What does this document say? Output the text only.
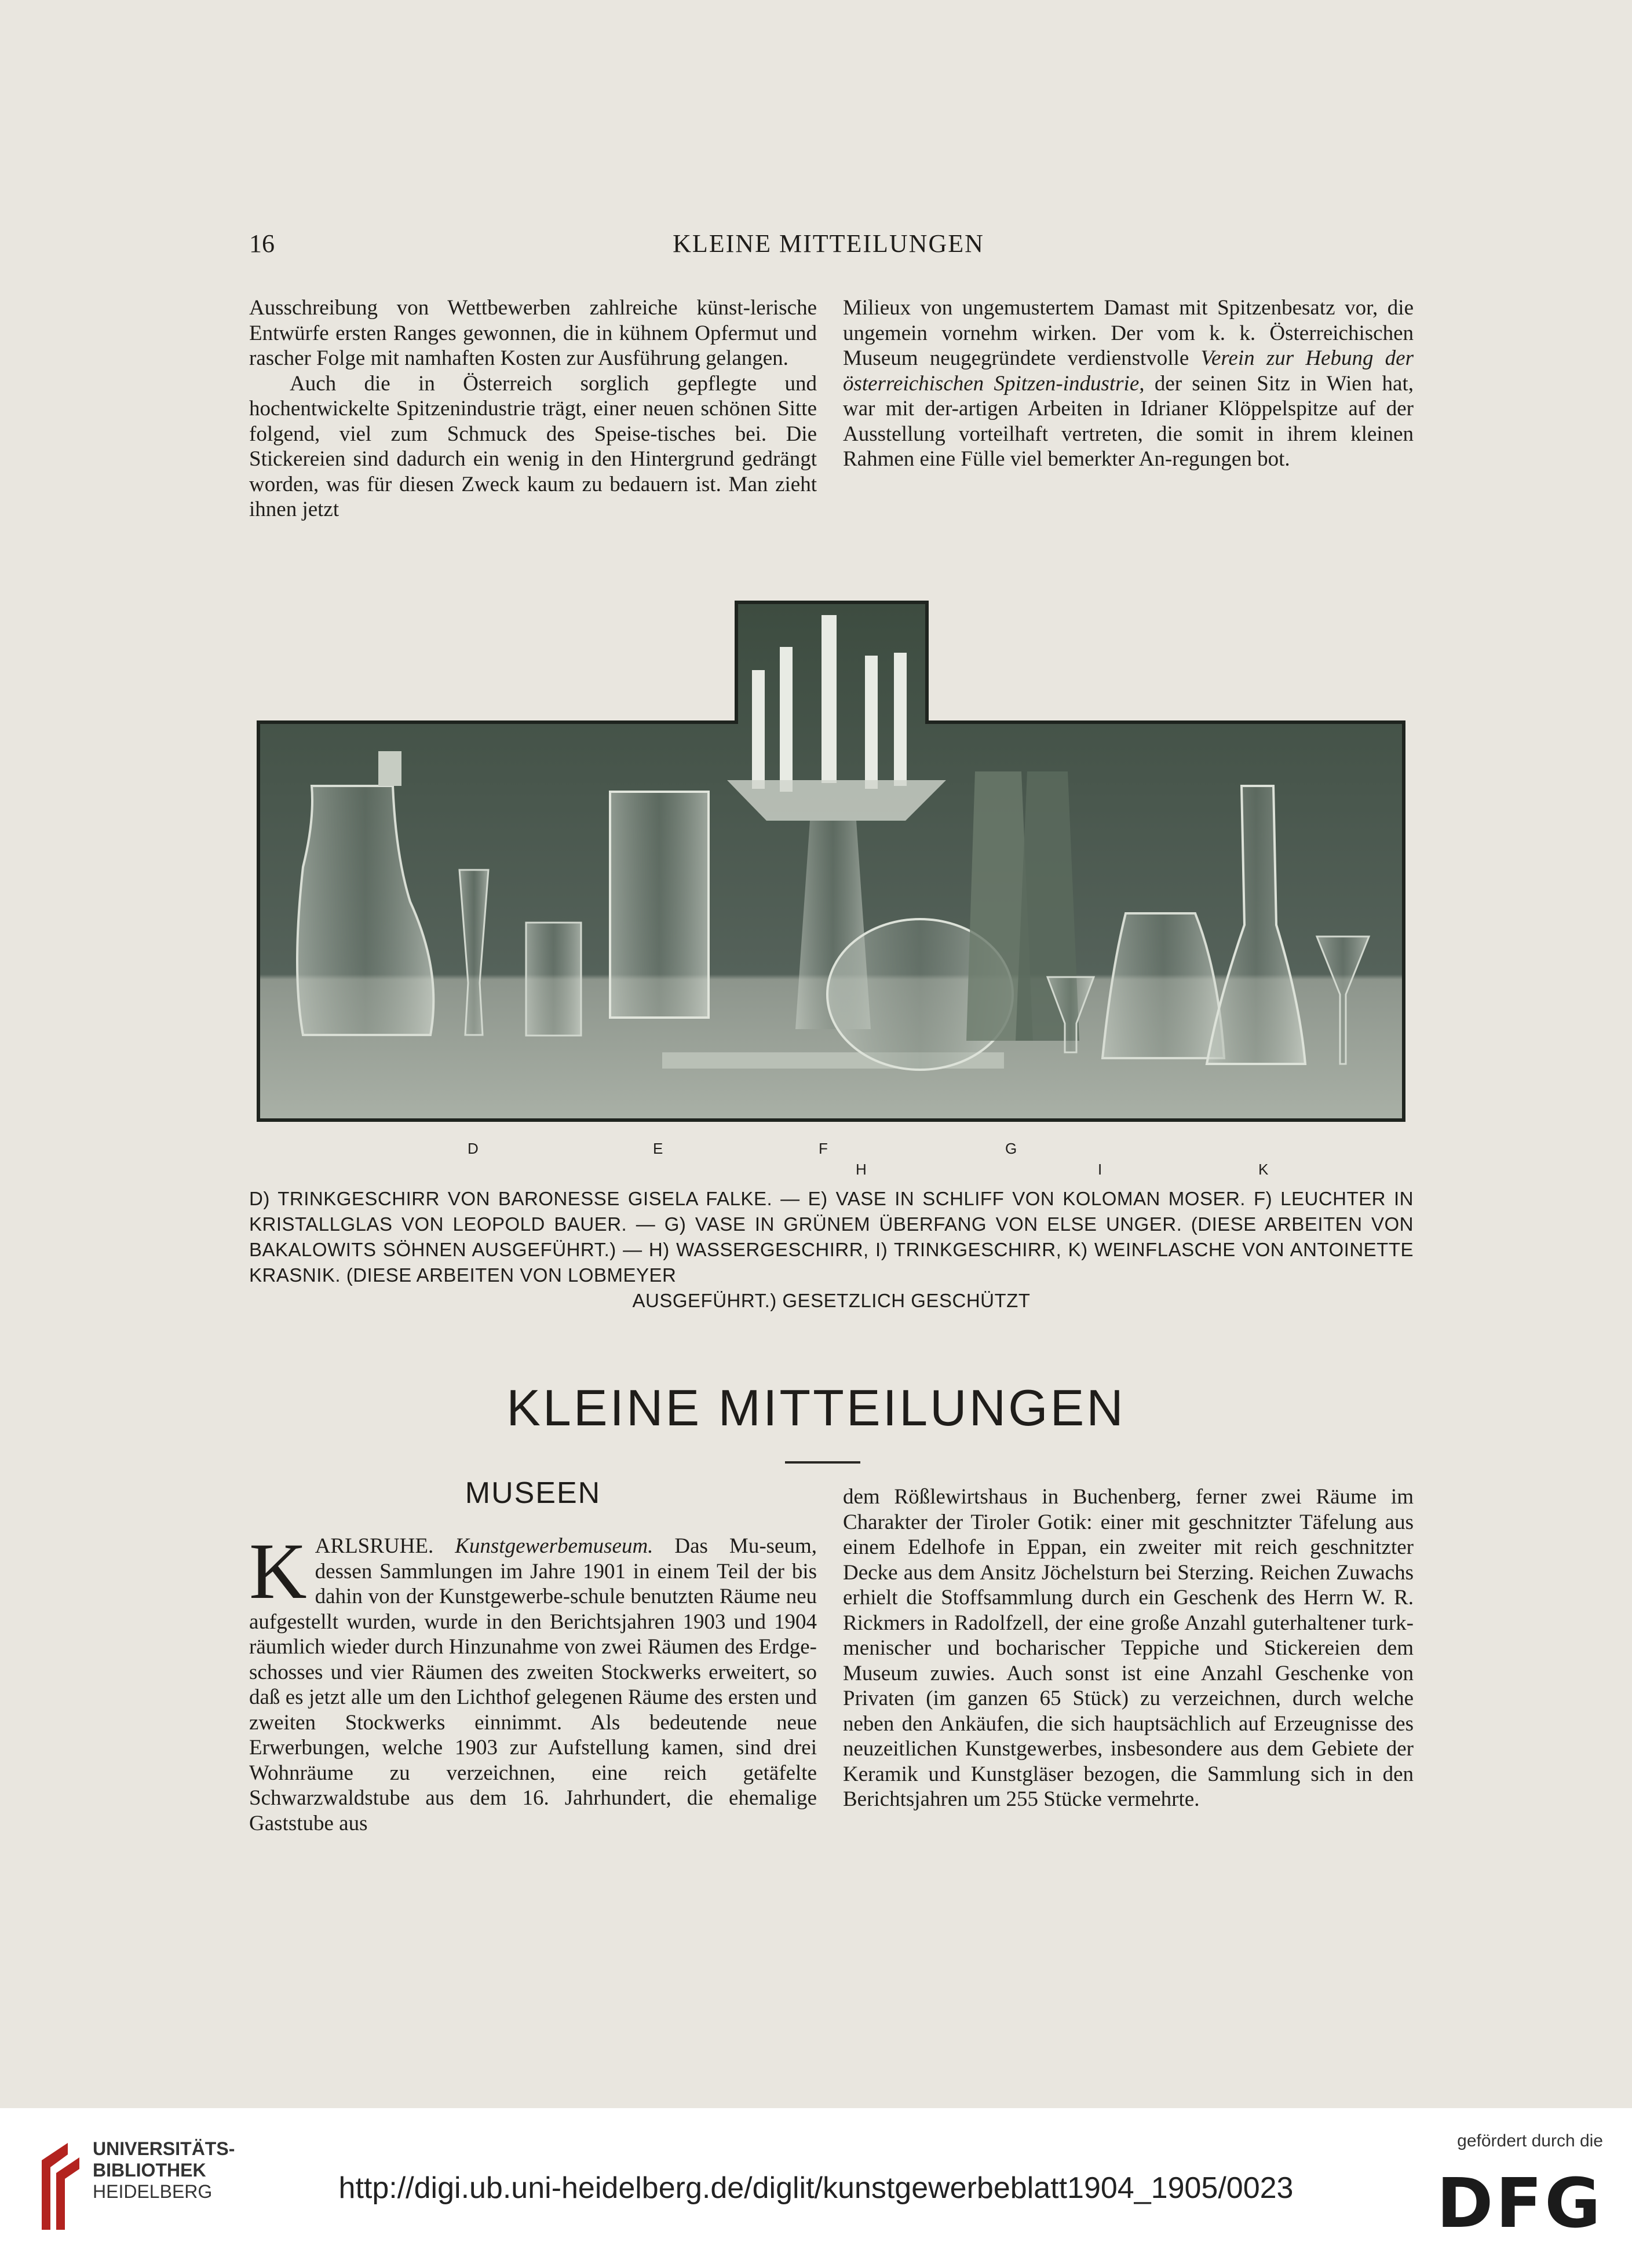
16	KLEINE MITTEILUNGEN

Ausschreibung von Wettbewerben zahlreiche künst-lerische Entwürfe ersten Ranges gewonnen, die in kühnem Opfermut und rascher Folge mit namhaften Kosten zur Ausführung gelangen.

Auch die in Österreich sorglich gepflegte und hochentwickelte Spitzenindustrie trägt, einer neuen schönen Sitte folgend, viel zum Schmuck des Speise-tisches bei. Die Stickereien sind dadurch ein wenig in den Hintergrund gedrängt worden, was für diesen Zweck kaum zu bedauern ist. Man zieht ihnen jetzt

Milieux von ungemustertem Damast mit Spitzenbesatz vor, die ungemein vornehm wirken. Der vom k. k. Österreichischen Museum neugegründete verdienstvolle Verein zur Hebung der österreichischen Spitzen-industrie, der seinen Sitz in Wien hat, war mit der-artigen Arbeiten in Idrianer Klöppelspitze auf der Ausstellung vorteilhaft vertreten, die somit in ihrem kleinen Rahmen eine Fülle viel bemerkter An-regungen bot.

D	E	F	G
H	I	K
D) TRINKGESCHIRR VON BARONESSE GISELA FALKE. — E) VASE IN SCHLIFF VON KOLOMAN MOSER. F) LEUCHTER IN KRISTALLGLAS VON LEOPOLD BAUER. — G) VASE IN GRÜNEM ÜBERFANG VON ELSE UNGER. (DIESE ARBEITEN VON BAKALOWITS SÖHNEN AUSGEFÜHRT.) — H) WASSERGESCHIRR, I) TRINKGESCHIRR, K) WEINFLASCHE VON ANTOINETTE KRASNIK. (DIESE ARBEITEN VON LOBMEYER
AUSGEFÜHRT.) GESETZLICH GESCHÜTZT
KLEINE MITTEILUNGEN
MUSEEN

KARLSRUHE. Kunstgewerbemuseum. Das Mu-seum, dessen Sammlungen im Jahre 1901 in einem Teil der bis dahin von der Kunstgewerbe-schule benutzten Räume neu aufgestellt wurden, wurde in den Berichtsjahren 1903 und 1904 räumlich wieder durch Hinzunahme von zwei Räumen des Erdge-schosses und vier Räumen des zweiten Stockwerks erweitert, so daß es jetzt alle um den Lichthof gelegenen Räume des ersten und zweiten Stockwerks einnimmt. Als bedeutende neue Erwerbungen, welche 1903 zur Aufstellung kamen, sind drei Wohnräume zu verzeichnen, eine reich getäfelte Schwarzwaldstube aus dem 16. Jahrhundert, die ehemalige Gaststube aus

dem Rößlewirtshaus in Buchenberg, ferner zwei Räume im Charakter der Tiroler Gotik: einer mit geschnitzter Täfelung aus einem Edelhofe in Eppan, ein zweiter mit reich geschnitzter Decke aus dem Ansitz Jöchelsturn bei Sterzing. Reichen Zuwachs erhielt die Stoffsammlung durch ein Geschenk des Herrn W. R. Rickmers in Radolfzell, der eine große Anzahl guterhaltener turk-menischer und bocharischer Teppiche und Stickereien dem Museum zuwies. Auch sonst ist eine Anzahl Geschenke von Privaten (im ganzen 65 Stück) zu verzeichnen, durch welche neben den Ankäufen, die sich hauptsächlich auf Erzeugnisse des neuzeitlichen Kunstgewerbes, insbesondere aus dem Gebiete der Keramik und Kunstgläser bezogen, die Sammlung sich in den Berichtsjahren um 255 Stücke vermehrte.

UNIVERSITÄTS-
BIBLIOTHEK
HEIDELBERG	http://digi.ub.uni-heidelberg.de/diglit/kunstgewerbeblatt1904_1905/0023
gefördert durch die
DFG
